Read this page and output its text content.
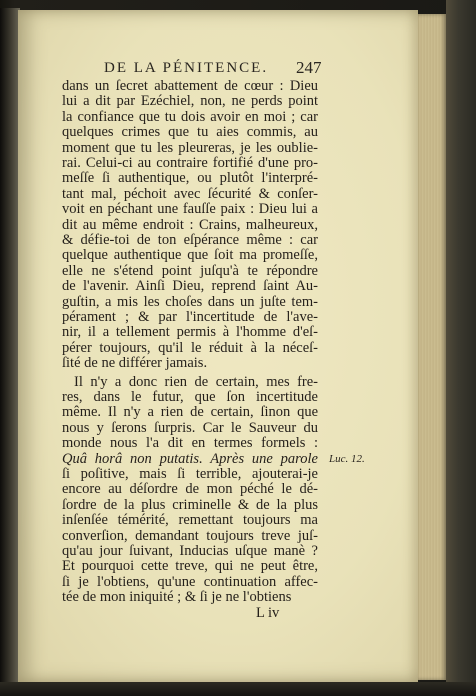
DE LA PÉNITENCE.	247
dans un ſecret abattement de cœur : Dieu
lui a dit par Ezéchiel, non, ne perds point
la confiance que tu dois avoir en moi ; car
quelques crimes que tu aies commis, au
moment que tu les pleureras, je les oublie-
rai. Celui-ci au contraire fortifié d'une pro-
meſſe ſi authentique, ou plutôt l'interpré-
tant mal, péchoit avec ſécurité & conſer-
voit en péchant une fauſſe paix : Dieu lui a
dit au même endroit : Crains, malheureux,
& défie-toi de ton eſpérance même : car
quelque authentique que ſoit ma promeſſe,
elle ne s'étend point juſqu'à te répondre
de l'avenir. Ainſi Dieu, reprend ſaint Au-
guſtin, a mis les choſes dans un juſte tem-
pérament ; & par l'incertitude de l'ave-
nir, il a tellement permis à l'homme d'eſ-
pérer toujours, qu'il le réduit à la néceſ-
ſité de ne différer jamais.
Il n'y a donc rien de certain, mes fre-
res, dans le futur, que ſon incertitude
même. Il n'y a rien de certain, ſinon que
nous y ſerons ſurpris. Car le Sauveur du
monde nous l'a dit en termes formels :
Quâ horâ non putatis. Après une parole
ſi poſitive, mais ſi terrible, ajouterai-je
encore au déſordre de mon péché le dé-
ſordre de la plus criminelle & de la plus
inſenſée témérité, remettant toujours ma
converſion, demandant toujours treve juſ-
qu'au jour ſuivant, Inducias uſque manè ?
Et pourquoi cette treve, qui ne peut être,
ſi je l'obtiens, qu'une continuation affec-
tée de mon iniquité ; & ſi je ne l'obtiens
Luc. 12.
L iv
